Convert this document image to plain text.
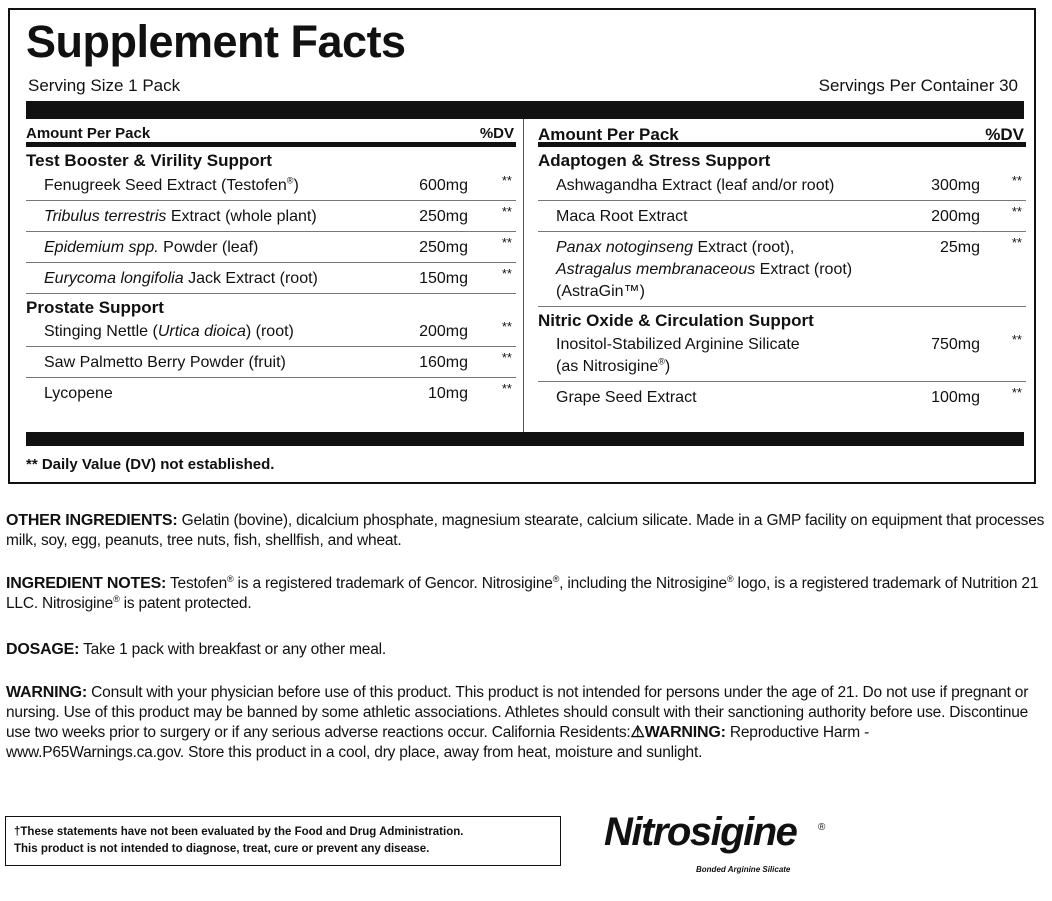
Supplement Facts
Serving Size 1 Pack	Servings Per Container 30
Amount Per Pack	%DV
Test Booster & Virility Support
Fenugreek Seed Extract (Testofen®)	600mg	**
Tribulus terrestris Extract (whole plant)	250mg	**
Epidemium spp. Powder (leaf)	250mg	**
Eurycoma longifolia Jack Extract (root)	150mg	**
Prostate Support
Stinging Nettle (Urtica dioica) (root)	200mg	**
Saw Palmetto Berry Powder (fruit)	160mg	**
Lycopene	10mg	**
Amount Per Pack	%DV
Adaptogen & Stress Support
Ashwagandha Extract (leaf and/or root)	300mg **
Maca Root Extract	200mg **
Panax notoginseng Extract (root),
Astragalus membranaceous Extract (root)
(AstraGin™)
25mg **
Nitric Oxide & Circulation Support
Inositol-Stabilized Arginine Silicate
(as Nitrosigine®)
750mg **
Grape Seed Extract	100mg **
** Daily Value (DV) not established.
OTHER INGREDIENTS: Gelatin (bovine), dicalcium phosphate, magnesium stearate, calcium silicate. Made in a GMP facility on equipment that processes milk, soy, egg, peanuts, tree nuts, fish, shellfish, and wheat.
INGREDIENT NOTES: Testofen® is a registered trademark of Gencor. Nitrosigine®, including the Nitrosigine® logo, is a registered trademark of Nutrition 21 LLC. Nitrosigine® is patent protected.
DOSAGE: Take 1 pack with breakfast or any other meal.
WARNING: Consult with your physician before use of this product. This product is not intended for persons under the age of 21. Do not use if pregnant or nursing. Use of this product may be banned by some athletic associations. Athletes should consult with their sanctioning authority before use. Discontinue use two weeks prior to surgery or if any serious adverse reactions occur. California Residents:⚠WARNING: Reproductive Harm - www.P65Warnings.ca.gov. Store this product in a cool, dry place, away from heat, moisture and sunlight.
†These statements have not been evaluated by the Food and Drug Administration.
This product is not intended to diagnose, treat, cure or prevent any disease.	Nitrosigine ®
Bonded Arginine Silicate
